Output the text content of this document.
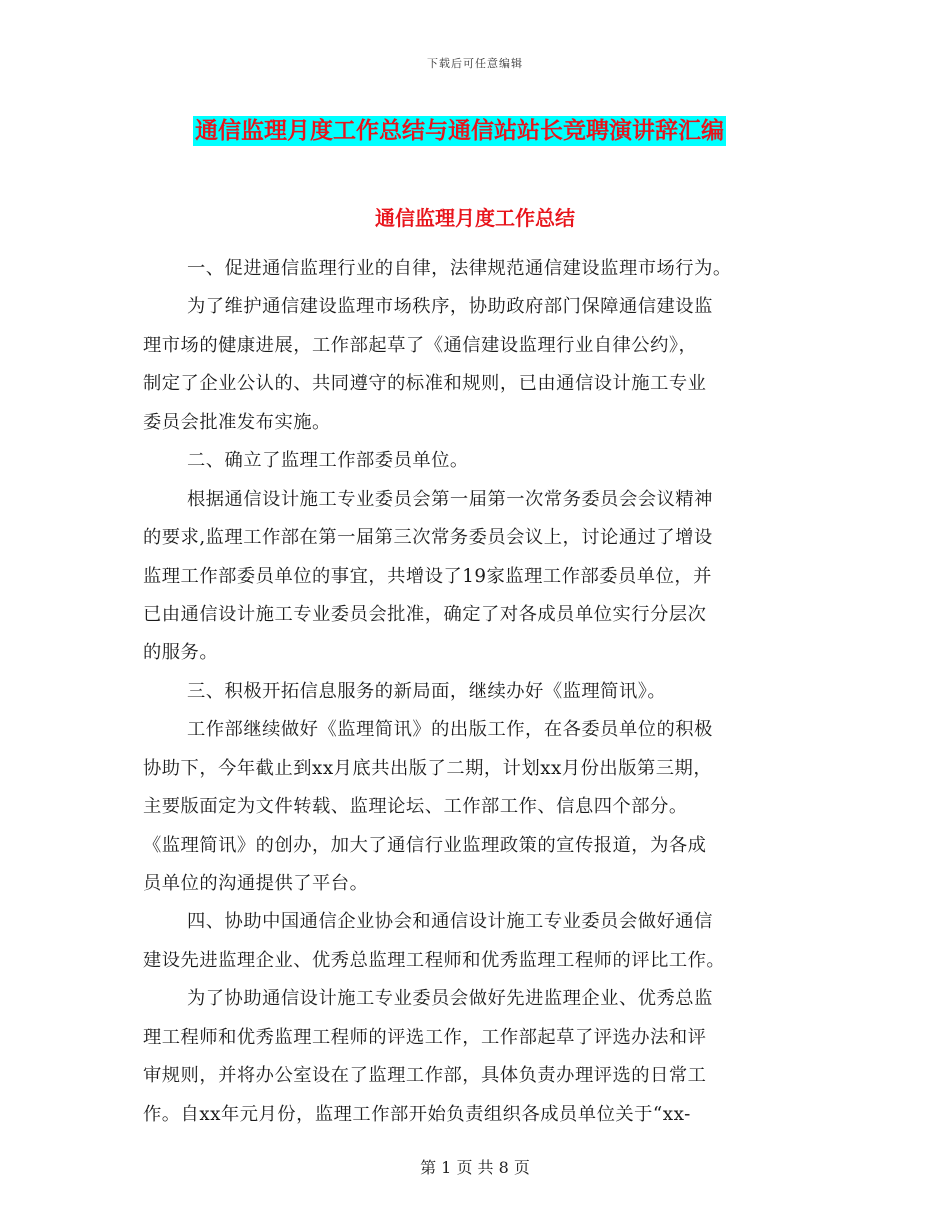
下载后可任意编辑
通信监理月度工作总结与通信站站长竞聘演讲辞汇编
通信监理月度工作总结
一、促进通信监理行业的自律，法律规范通信建设监理市场行为。
为了维护通信建设监理市场秩序，协助政府部门保障通信建设监
理市场的健康进展，工作部起草了《通信建设监理行业自律公约》，
制定了企业公认的、共同遵守的标准和规则，已由通信设计施工专业
委员会批准发布实施。
二、确立了监理工作部委员单位。
根据通信设计施工专业委员会第一届第一次常务委员会会议精神
的要求,监理工作部在第一届第三次常务委员会议上，讨论通过了增设
监理工作部委员单位的事宜，共增设了19家监理工作部委员单位，并
已由通信设计施工专业委员会批准，确定了对各成员单位实行分层次
的服务。
三、积极开拓信息服务的新局面，继续办好《监理简讯》。
工作部继续做好《监理简讯》的出版工作，在各委员单位的积极
协助下，今年截止到xx月底共出版了二期，计划xx月份出版第三期，
主要版面定为文件转载、监理论坛、工作部工作、信息四个部分。
《监理简讯》的创办，加大了通信行业监理政策的宣传报道，为各成
员单位的沟通提供了平台。
四、协助中国通信企业协会和通信设计施工专业委员会做好通信
建设先进监理企业、优秀总监理工程师和优秀监理工程师的评比工作。
为了协助通信设计施工专业委员会做好先进监理企业、优秀总监
理工程师和优秀监理工程师的评选工作，工作部起草了评选办法和评
审规则，并将办公室设在了监理工作部，具体负责办理评选的日常工
作。自xx年元月份，监理工作部开始负责组织各成员单位关于“xx-
第 1 页 共 8 页
